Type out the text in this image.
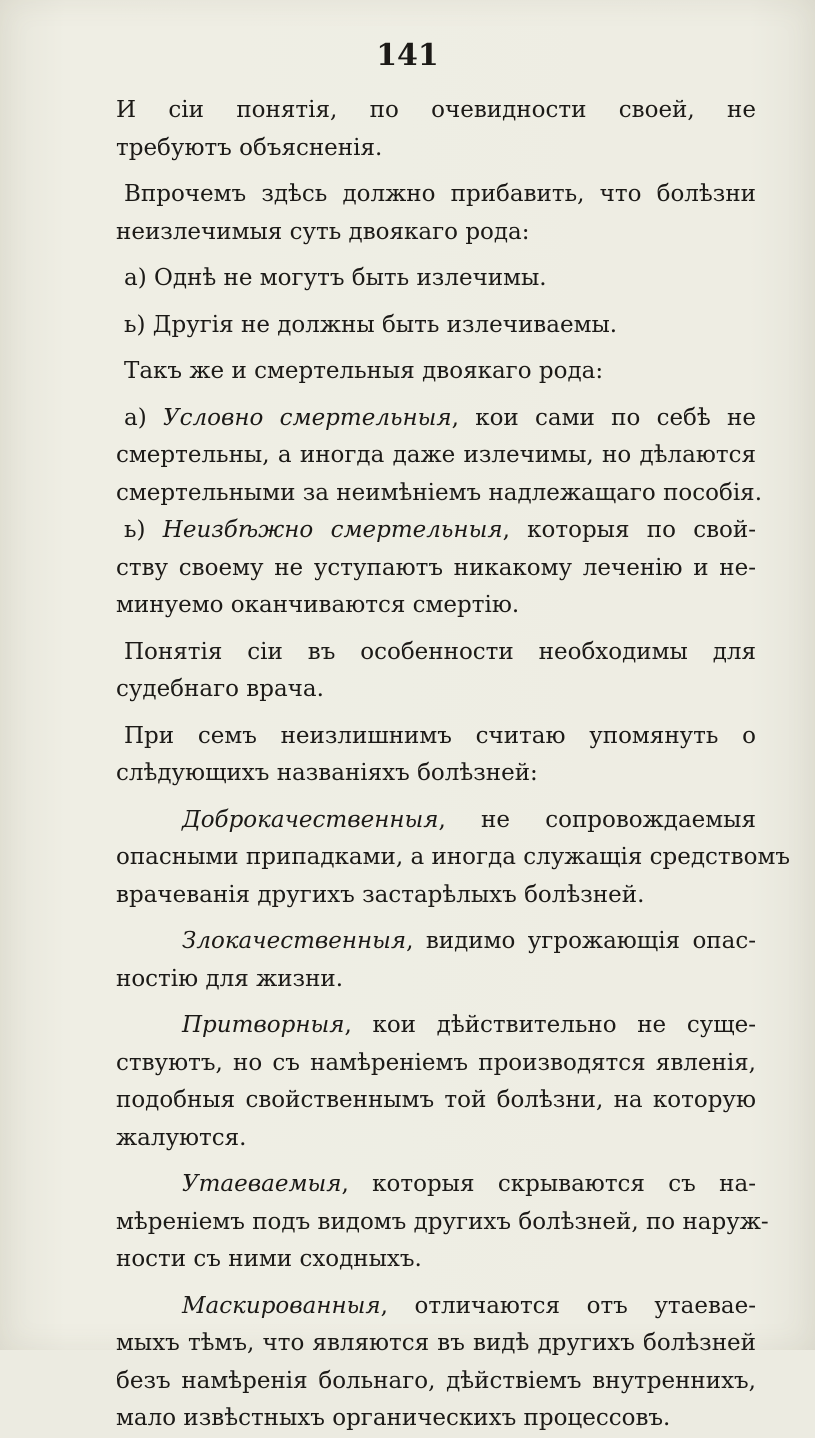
141
И сіи понятія, по очевидности своей, не
требуютъ объясненія.
Впрочемъ здѣсь должно прибавить, что болѣзни
неизлечимыя суть двоякаго рода:
a) Однѣ не могутъ быть излечимы.
ь) Другія не должны быть излечиваемы.
Такъ же и смертельныя двоякаго рода:
a) Условно смертельныя, кои сами по себѣ не
смертельны, а иногда даже излечимы, но дѣлаются
смертельными за неимѣніемъ надлежащаго пособія.
ь) Неизбѣжно смертельныя, которыя по свой-
ству своему не уступаютъ никакому леченію и не-
минуемо оканчиваются смертію.
Понятія сіи въ особенности необходимы для
судебнаго врача.
При семъ неизлишнимъ считаю упомянуть о
слѣдующихъ названіяхъ болѣзней:
Доброкачественныя, не сопровождаемыя
опасными припадками, а иногда служащія средствомъ
врачеванія другихъ застарѣлыхъ болѣзней.
Злокачественныя, видимо угрожающія опас-
ностію для жизни.
Притворныя, кои дѣйствительно не суще-
ствуютъ, но съ намѣреніемъ производятся явленія,
подобныя свойственнымъ той болѣзни, на которую
жалуются.
Утаеваемыя, которыя скрываются съ на-
мѣреніемъ подъ видомъ другихъ болѣзней, по наруж-
ности съ ними сходныхъ.
Маскированныя, отличаются отъ утаевае-
мыхъ тѣмъ, что являются въ видѣ другихъ болѣзней
безъ намѣренія больнаго, дѣйствіемъ внутреннихъ,
мало извѣстныхъ органическихъ процессовъ.
